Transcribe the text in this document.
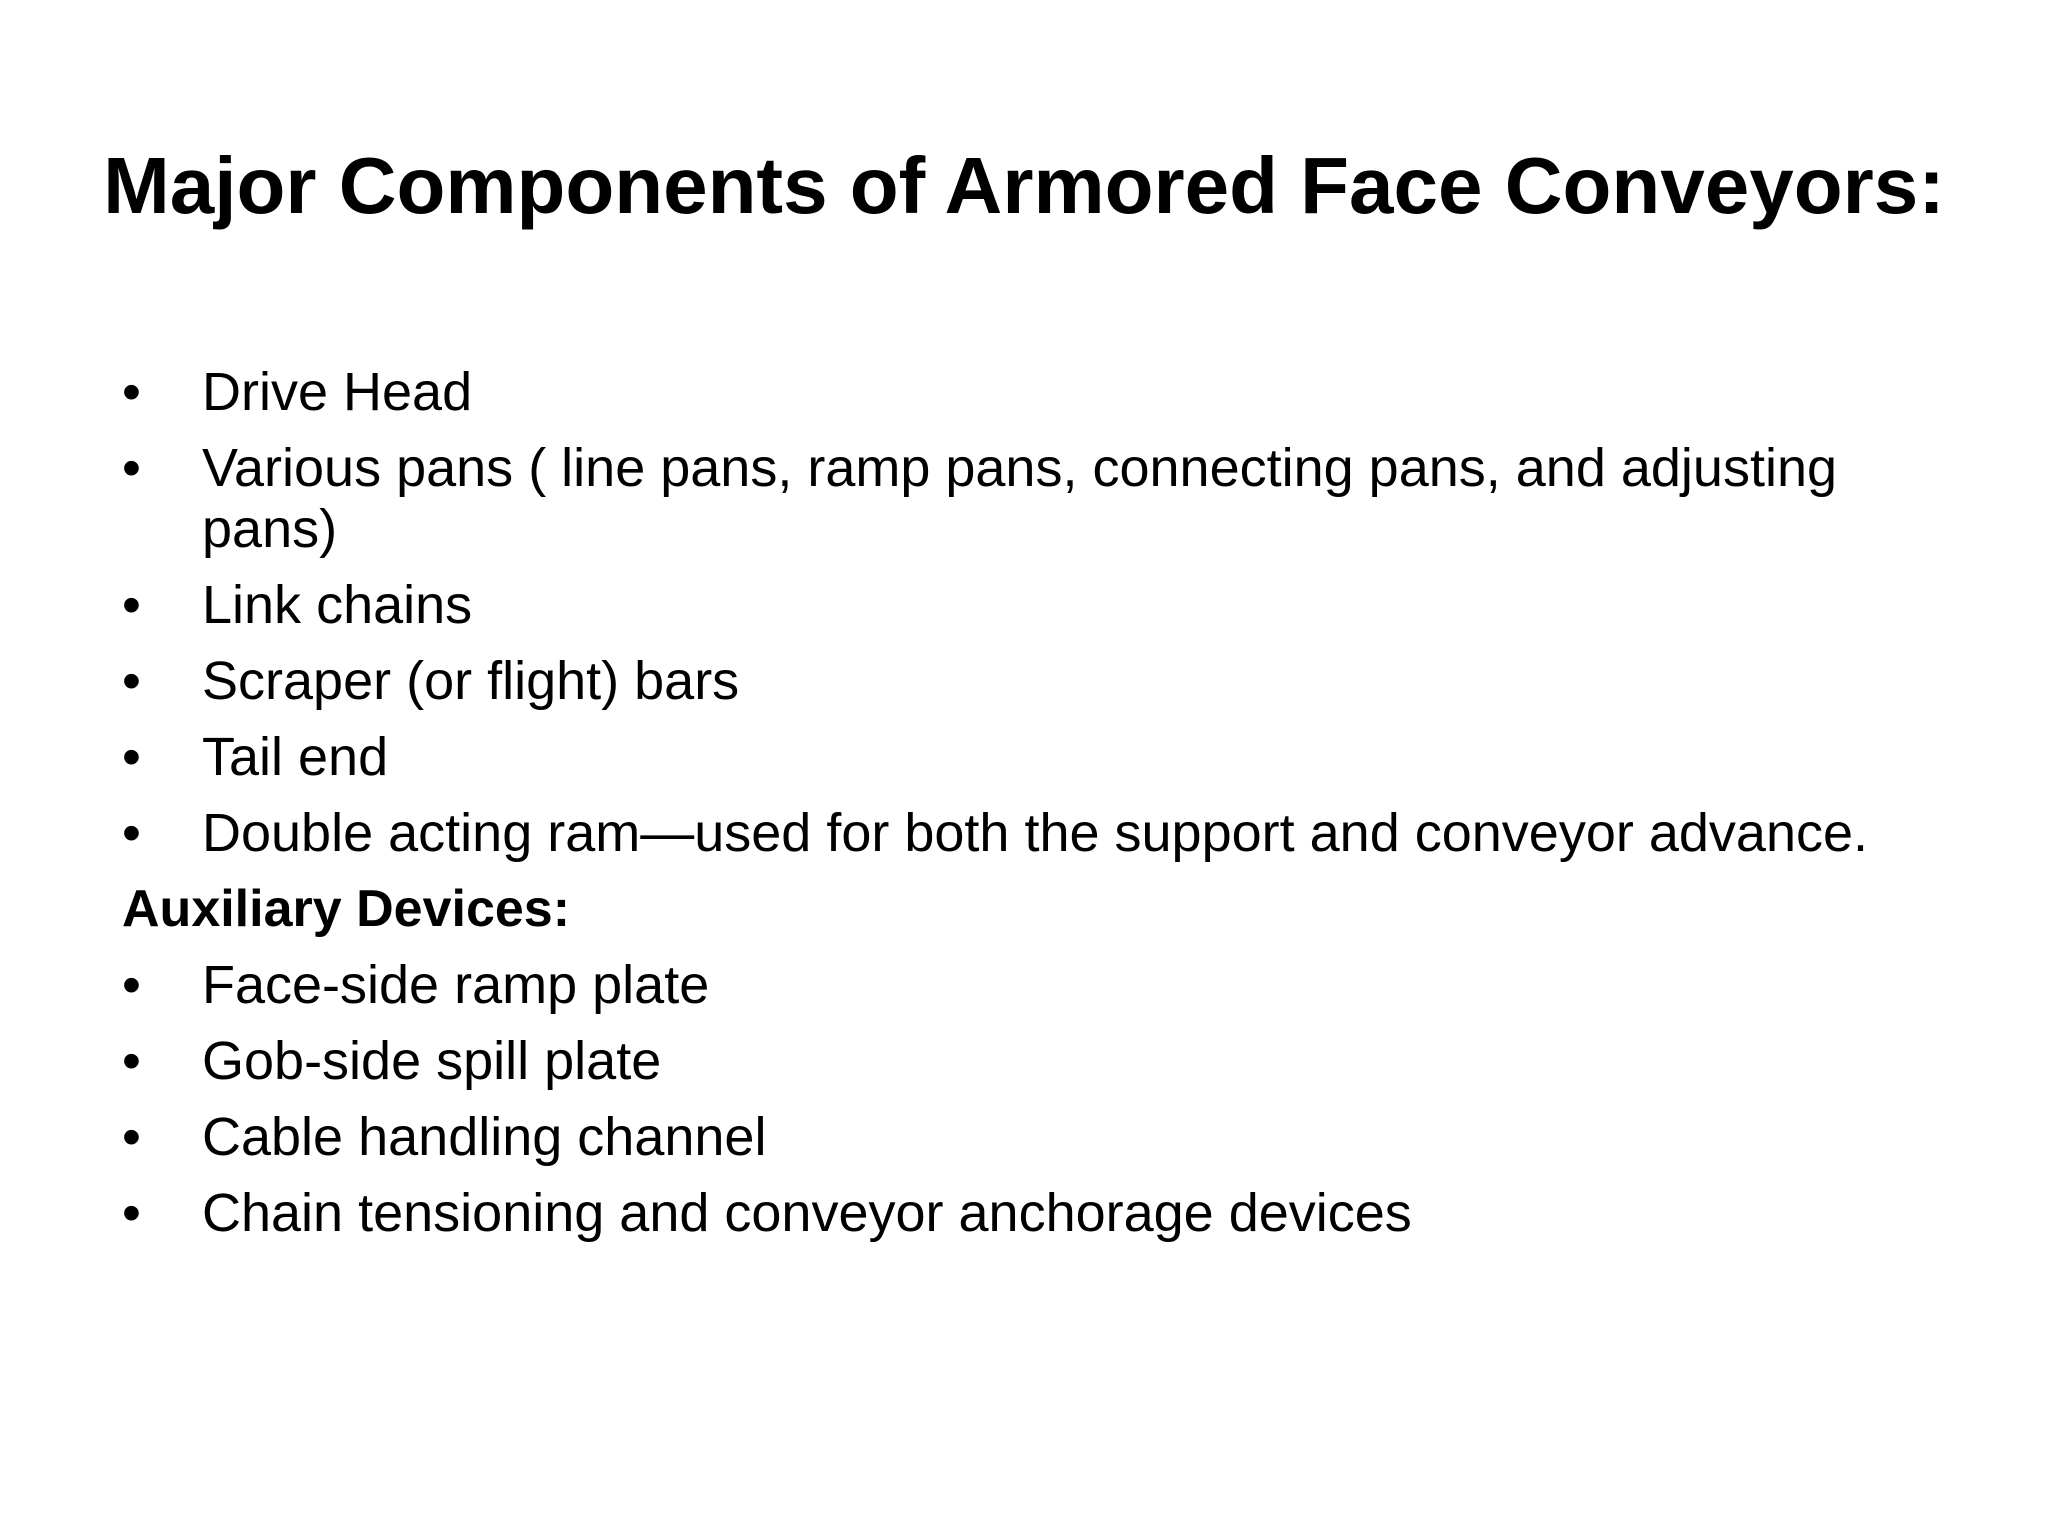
Major Components of Armored Face Conveyors:
• Drive Head
• Various pans ( line pans, ramp pans, connecting pans, and adjusting pans)
• Link chains
• Scraper (or flight) bars
• Tail end
• Double acting ram—used for both the support and conveyor advance.
Auxiliary Devices:
• Face-side ramp plate
• Gob-side spill plate
• Cable handling channel
• Chain tensioning and conveyor anchorage devices
